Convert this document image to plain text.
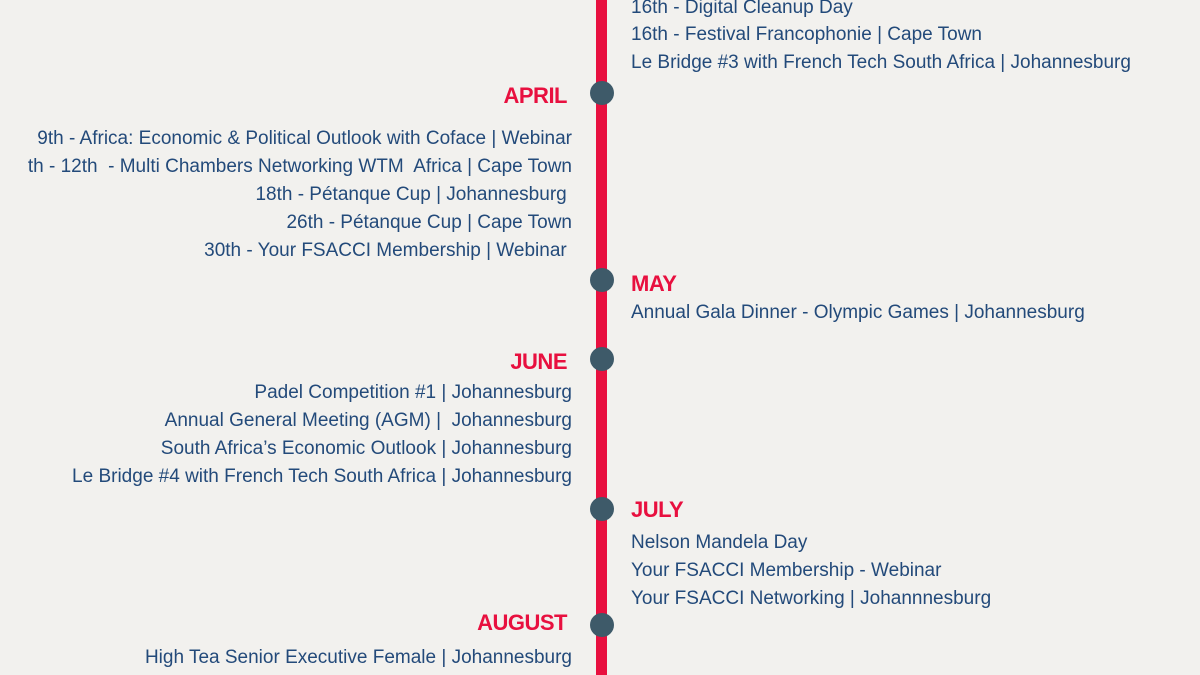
16th - Digital Cleanup Day
16th - Festival Francophonie | Cape Town
Le Bridge #3 with French Tech South Africa | Johannesburg
APRIL
9th - Africa: Economic & Political Outlook with Coface | Webinar
th - 12th  - Multi Chambers Networking WTM  Africa | Cape Town
18th - Pétanque Cup | Johannesburg
26th - Pétanque Cup | Cape Town
30th - Your FSACCI Membership | Webinar
MAY
Annual Gala Dinner - Olympic Games | Johannesburg
JUNE
Padel Competition #1 | Johannesburg
Annual General Meeting (AGM) |  Johannesburg
South Africa’s Economic Outlook | Johannesburg
Le Bridge #4 with French Tech South Africa | Johannesburg
JULY
Nelson Mandela Day
Your FSACCI Membership - Webinar
Your FSACCI Networking | Johannnesburg
AUGUST
High Tea Senior Executive Female | Johannesburg
